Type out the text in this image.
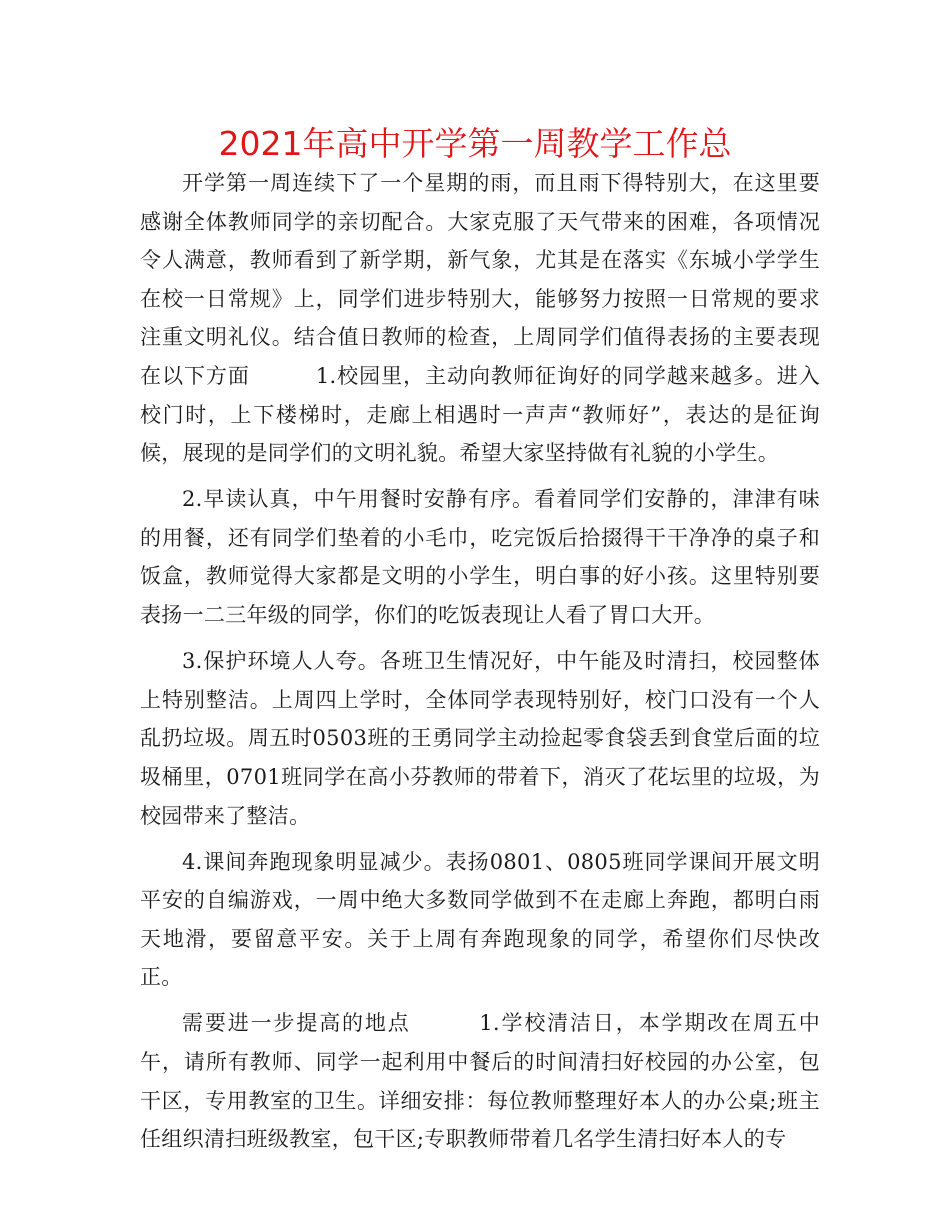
2021年高中开学第一周教学工作总

开学第一周连续下了一个星期的雨，而且雨下得特别大，在这里要感谢全体教师同学的亲切配合。大家克服了天气带来的困难，各项情况令人满意，教师看到了新学期，新气象，尤其是在落实《东城小学学生在校一日常规》上，同学们进步特别大，能够努力按照一日常规的要求注重文明礼仪。结合值日教师的检查，上周同学们值得表扬的主要表现在以下方面　　　1.校园里，主动向教师征询好的同学越来越多。进入校门时，上下楼梯时，走廊上相遇时一声声“教师好”，表达的是征询候，展现的是同学们的文明礼貌。希望大家坚持做有礼貌的小学生。

2.早读认真，中午用餐时安静有序。看着同学们安静的，津津有味的用餐，还有同学们垫着的小毛巾，吃完饭后拾掇得干干净净的桌子和饭盒，教师觉得大家都是文明的小学生，明白事的好小孩。这里特别要表扬一二三年级的同学，你们的吃饭表现让人看了胃口大开。

3.保护环境人人夸。各班卫生情况好，中午能及时清扫，校园整体上特别整洁。上周四上学时，全体同学表现特别好，校门口没有一个人乱扔垃圾。周五时0503班的王勇同学主动捡起零食袋丢到食堂后面的垃圾桶里，0701班同学在高小芬教师的带着下，消灭了花坛里的垃圾，为校园带来了整洁。

4.课间奔跑现象明显减少。表扬0801、0805班同学课间开展文明平安的自编游戏，一周中绝大多数同学做到不在走廊上奔跑，都明白雨天地滑，要留意平安。关于上周有奔跑现象的同学，希望你们尽快改正。

需要进一步提高的地点　　　1.学校清洁日，本学期改在周五中午，请所有教师、同学一起利用中餐后的时间清扫好校园的办公室，包干区，专用教室的卫生。详细安排：每位教师整理好本人的办公桌;班主任组织清扫班级教室，包干区;专职教师带着几名学生清扫好本人的专
